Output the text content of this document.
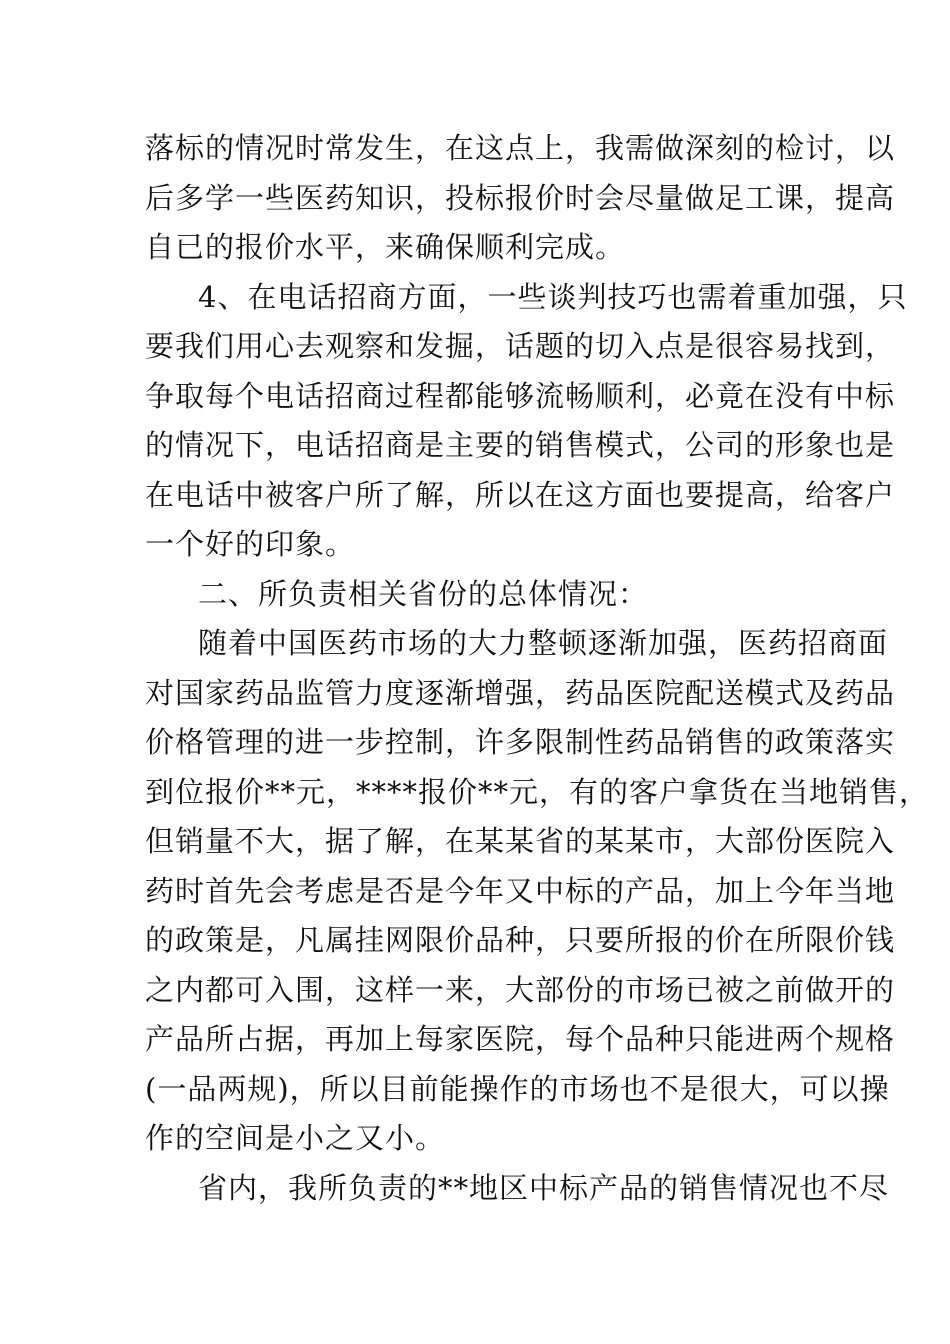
落标的情况时常发生，在这点上，我需做深刻的检讨，以
后多学一些医药知识，投标报价时会尽量做足工课，提高
自已的报价水平，来确保顺利完成。
4、在电话招商方面，一些谈判技巧也需着重加强，只
要我们用心去观察和发掘，话题的切入点是很容易找到，
争取每个电话招商过程都能够流畅顺利，必竟在没有中标
的情况下，电话招商是主要的销售模式，公司的形象也是
在电话中被客户所了解，所以在这方面也要提高，给客户
一个好的印象。
二、所负责相关省份的总体情况：
随着中国医药市场的大力整顿逐渐加强，医药招商面
对国家药品监管力度逐渐增强，药品医院配送模式及药品
价格管理的进一步控制，许多限制性药品销售的政策落实
到位报价**元，****报价**元，有的客户拿货在当地销售，
但销量不大，据了解，在某某省的某某市，大部份医院入
药时首先会考虑是否是今年又中标的产品，加上今年当地
的政策是，凡属挂网限价品种，只要所报的价在所限价钱
之内都可入围，这样一来，大部份的市场已被之前做开的
产品所占据，再加上每家医院，每个品种只能进两个规格
(一品两规)，所以目前能操作的市场也不是很大，可以操
作的空间是小之又小。
省内，我所负责的**地区中标产品的销售情况也不尽
